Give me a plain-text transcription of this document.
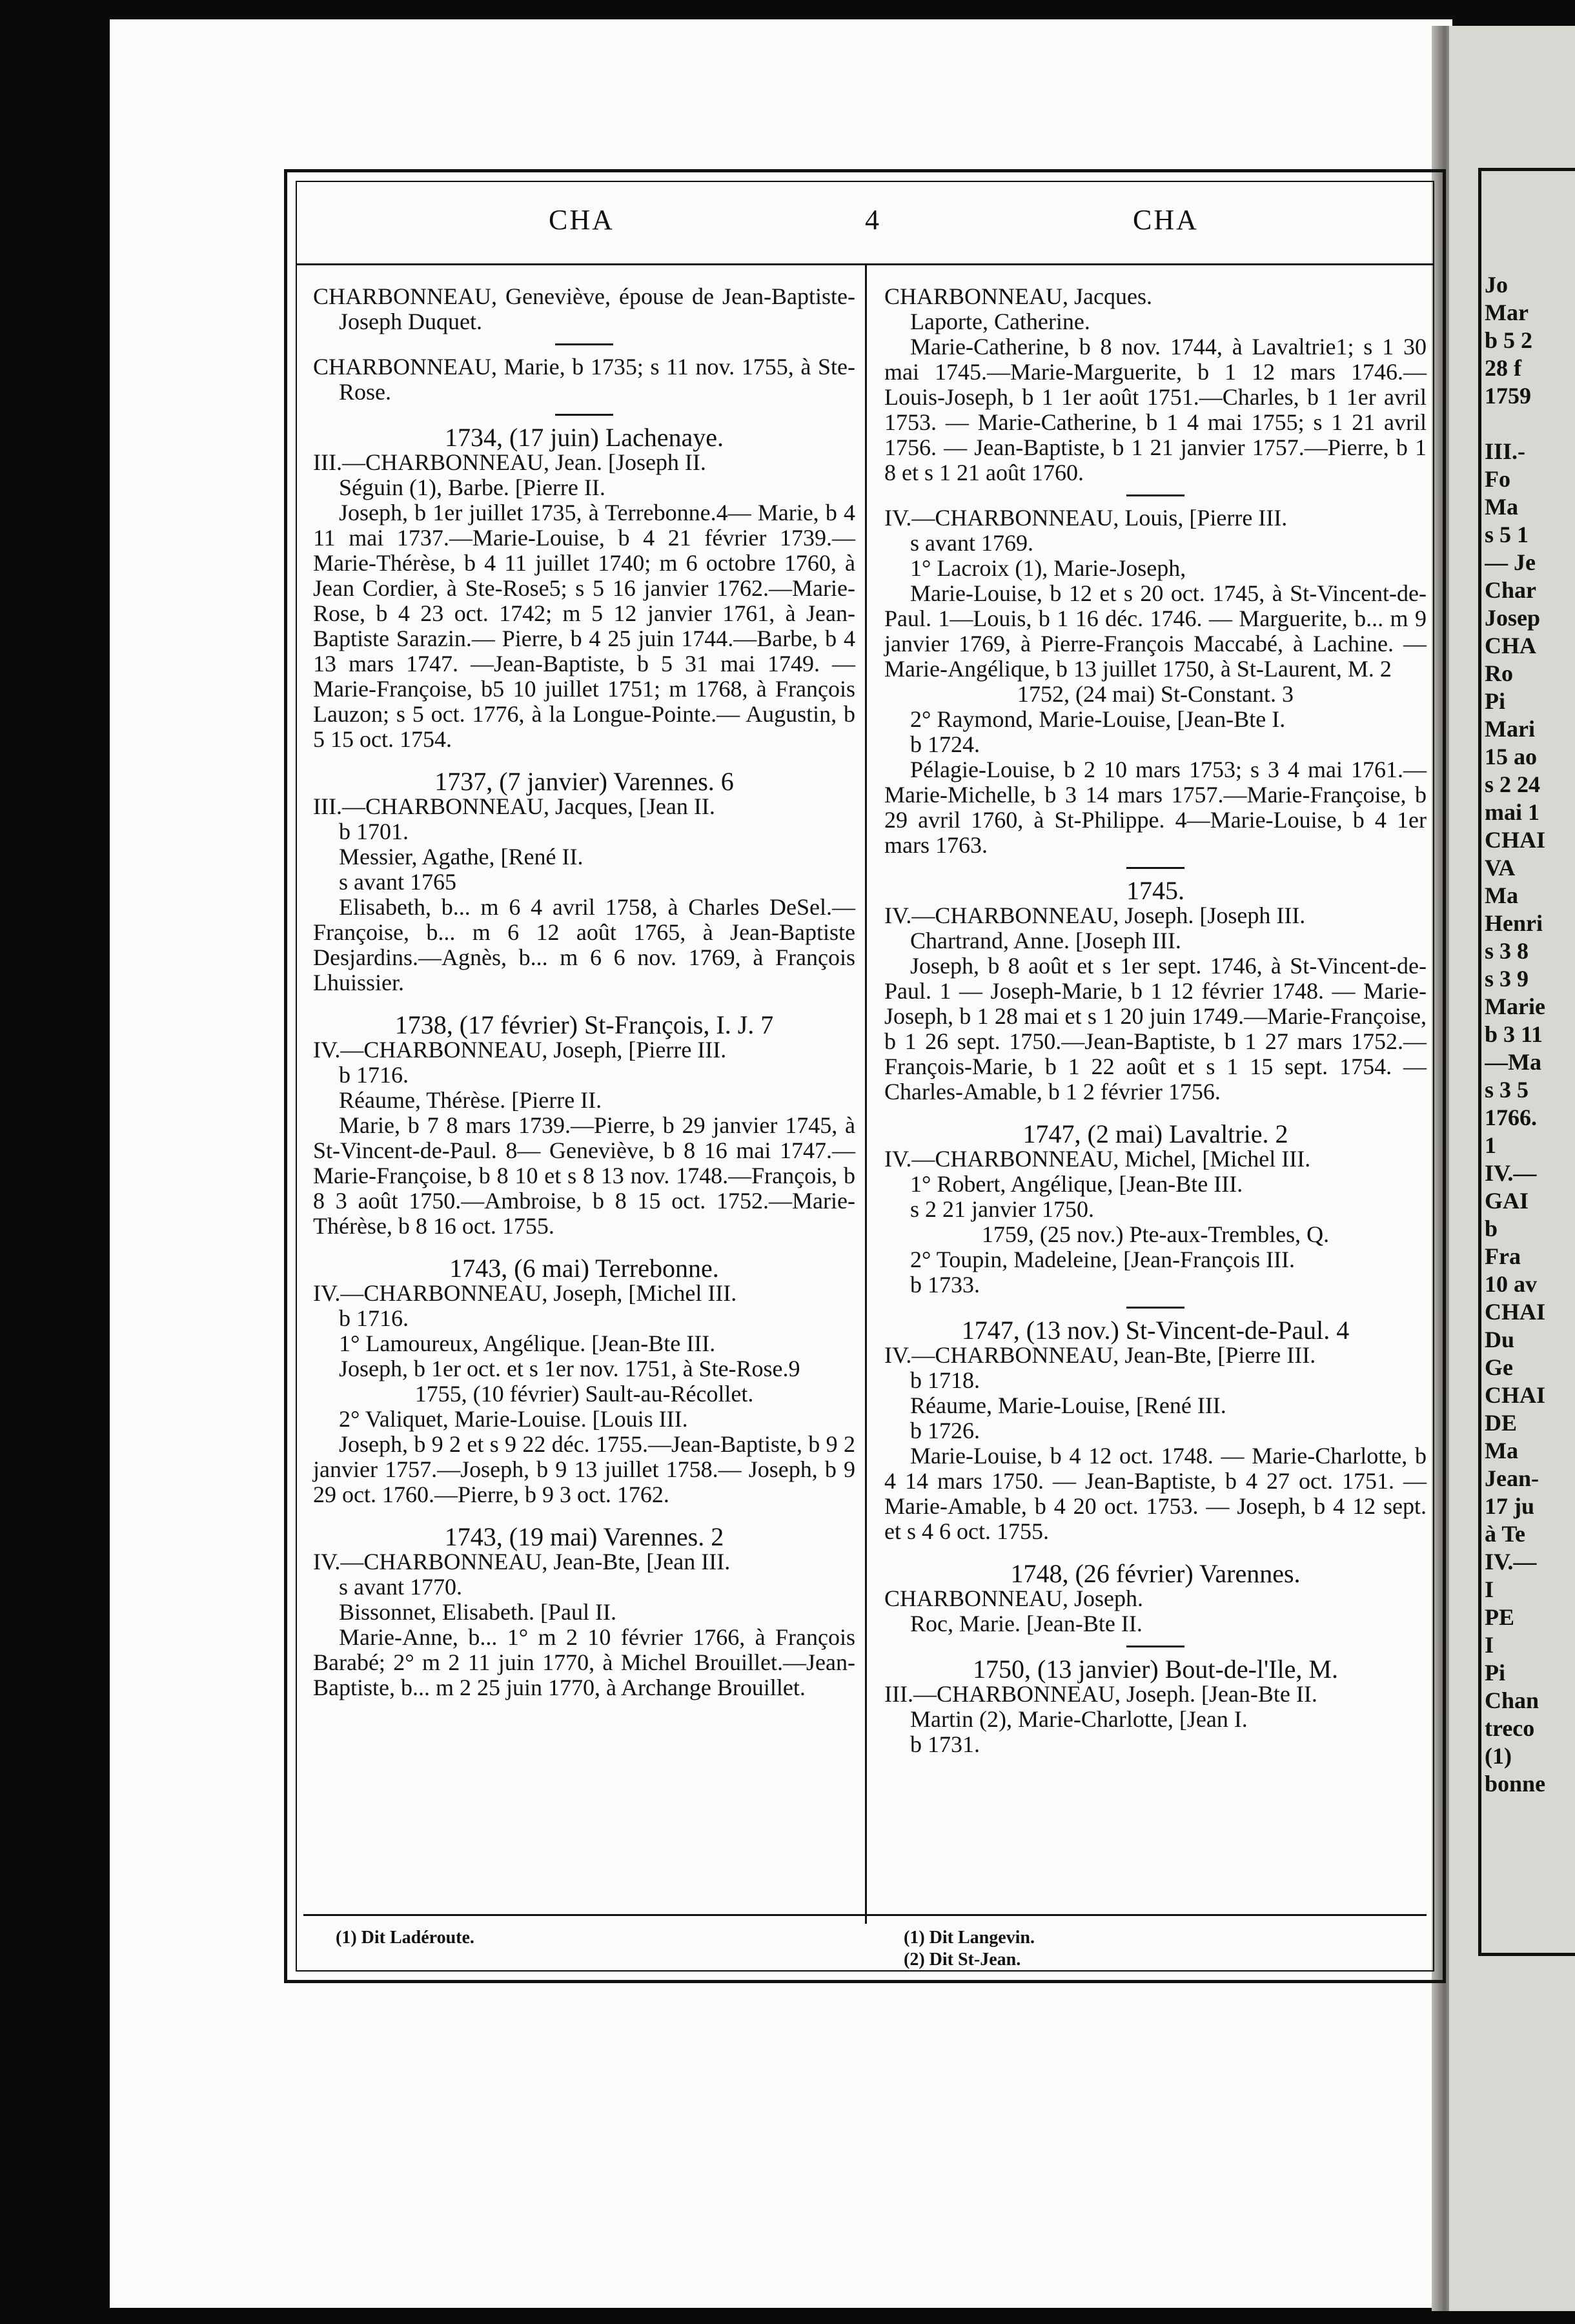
Jo
Mar
b 5 2
28 f
1759

III.-
Fo
Ma
s 5 1
— Je
Char
Josep
CHA
Ro
Pi
Mari
15 ao
s 2 24
mai 1
CHAI
VA
Ma
Henri
s 3 8
s 3 9
Marie
b 3 11
—Ma
s 3 5
1766.
1
IV.—
GAI
b
Fra
10 av
CHAI
Du
Ge
CHAI
DE
Ma
Jean-
17 ju
à Te
IV.—
I
PE
I
Pi
Chan
treco
(1)
bonne
CHA	4	CHA

CHARBONNEAU, Geneviève, épouse de Jean-Baptiste-Joseph Duquet.

CHARBONNEAU, Marie, b 1735; s 11 nov. 1755, à Ste-Rose.

1734, (17 juin) Lachenaye.

III.—CHARBONNEAU, Jean. [Joseph II.

Séguin (1), Barbe. [Pierre II.

Joseph, b 1er juillet 1735, à Terrebonne.4— Marie, b 4 11 mai 1737.—Marie-Louise, b 4 21 février 1739.—Marie-Thérèse, b 4 11 juillet 1740; m 6 octobre 1760, à Jean Cordier, à Ste-Rose5; s 5 16 janvier 1762.—Marie-Rose, b 4 23 oct. 1742; m 5 12 janvier 1761, à Jean-Baptiste Sarazin.— Pierre, b 4 25 juin 1744.—Barbe, b 4 13 mars 1747. —Jean-Baptiste, b 5 31 mai 1749. — Marie-Françoise, b5 10 juillet 1751; m 1768, à François Lauzon; s 5 oct. 1776, à la Longue-Pointe.— Augustin, b 5 15 oct. 1754.

1737, (7 janvier) Varennes. 6

III.—CHARBONNEAU, Jacques, [Jean II.

b 1701.

Messier, Agathe, [René II.

s avant 1765

Elisabeth, b... m 6 4 avril 1758, à Charles DeSel.—Françoise, b... m 6 12 août 1765, à Jean-Baptiste Desjardins.—Agnès, b... m 6 6 nov. 1769, à François Lhuissier.

1738, (17 février) St-François, I. J. 7

IV.—CHARBONNEAU, Joseph, [Pierre III.

b 1716.

Réaume, Thérèse. [Pierre II.

Marie, b 7 8 mars 1739.—Pierre, b 29 janvier 1745, à St-Vincent-de-Paul. 8— Geneviève, b 8 16 mai 1747.—Marie-Françoise, b 8 10 et s 8 13 nov. 1748.—François, b 8 3 août 1750.—Ambroise, b 8 15 oct. 1752.—Marie-Thérèse, b 8 16 oct. 1755.

1743, (6 mai) Terrebonne.

IV.—CHARBONNEAU, Joseph, [Michel III.

b 1716.

1° Lamoureux, Angélique. [Jean-Bte III.

Joseph, b 1er oct. et s 1er nov. 1751, à Ste-Rose.9

1755, (10 février) Sault-au-Récollet.

2° Valiquet, Marie-Louise. [Louis III.

Joseph, b 9 2 et s 9 22 déc. 1755.—Jean-Baptiste, b 9 2 janvier 1757.—Joseph, b 9 13 juillet 1758.— Joseph, b 9 29 oct. 1760.—Pierre, b 9 3 oct. 1762.

1743, (19 mai) Varennes. 2

IV.—CHARBONNEAU, Jean-Bte, [Jean III.

s avant 1770.

Bissonnet, Elisabeth. [Paul II.

Marie-Anne, b... 1° m 2 10 février 1766, à François Barabé; 2° m 2 11 juin 1770, à Michel Brouillet.—Jean-Baptiste, b... m 2 25 juin 1770, à Archange Brouillet.

CHARBONNEAU, Jacques.

Laporte, Catherine.

Marie-Catherine, b 8 nov. 1744, à Lavaltrie1; s 1 30 mai 1745.—Marie-Marguerite, b 1 12 mars 1746.—Louis-Joseph, b 1 1er août 1751.—Charles, b 1 1er avril 1753. — Marie-Catherine, b 1 4 mai 1755; s 1 21 avril 1756. — Jean-Baptiste, b 1 21 janvier 1757.—Pierre, b 1 8 et s 1 21 août 1760.

IV.—CHARBONNEAU, Louis, [Pierre III.

s avant 1769.

1° Lacroix (1), Marie-Joseph,

Marie-Louise, b 12 et s 20 oct. 1745, à St-Vincent-de-Paul. 1—Louis, b 1 16 déc. 1746. — Marguerite, b... m 9 janvier 1769, à Pierre-François Maccabé, à Lachine. — Marie-Angélique, b 13 juillet 1750, à St-Laurent, M. 2

1752, (24 mai) St-Constant. 3

2° Raymond, Marie-Louise, [Jean-Bte I.

b 1724.

Pélagie-Louise, b 2 10 mars 1753; s 3 4 mai 1761.—Marie-Michelle, b 3 14 mars 1757.—Marie-Françoise, b 29 avril 1760, à St-Philippe. 4—Marie-Louise, b 4 1er mars 1763.

1745.

IV.—CHARBONNEAU, Joseph. [Joseph III.

Chartrand, Anne. [Joseph III.

Joseph, b 8 août et s 1er sept. 1746, à St-Vincent-de-Paul. 1 — Joseph-Marie, b 1 12 février 1748. — Marie-Joseph, b 1 28 mai et s 1 20 juin 1749.—Marie-Françoise, b 1 26 sept. 1750.—Jean-Baptiste, b 1 27 mars 1752.—François-Marie, b 1 22 août et s 1 15 sept. 1754. — Charles-Amable, b 1 2 février 1756.

1747, (2 mai) Lavaltrie. 2

IV.—CHARBONNEAU, Michel, [Michel III.

1° Robert, Angélique, [Jean-Bte III.

s 2 21 janvier 1750.

1759, (25 nov.) Pte-aux-Trembles, Q.

2° Toupin, Madeleine, [Jean-François III.

b 1733.

1747, (13 nov.) St-Vincent-de-Paul. 4

IV.—CHARBONNEAU, Jean-Bte, [Pierre III.

b 1718.

Réaume, Marie-Louise, [René III.

b 1726.

Marie-Louise, b 4 12 oct. 1748. — Marie-Charlotte, b 4 14 mars 1750. — Jean-Baptiste, b 4 27 oct. 1751. — Marie-Amable, b 4 20 oct. 1753. — Joseph, b 4 12 sept. et s 4 6 oct. 1755.

1748, (26 février) Varennes.

CHARBONNEAU, Joseph.

Roc, Marie. [Jean-Bte II.

1750, (13 janvier) Bout-de-l'Ile, M.

III.—CHARBONNEAU, Joseph. [Jean-Bte II.

Martin (2), Marie-Charlotte, [Jean I.

b 1731.

(1) Dit Ladéroute.	(1) Dit Langevin.
(2) Dit St-Jean.
